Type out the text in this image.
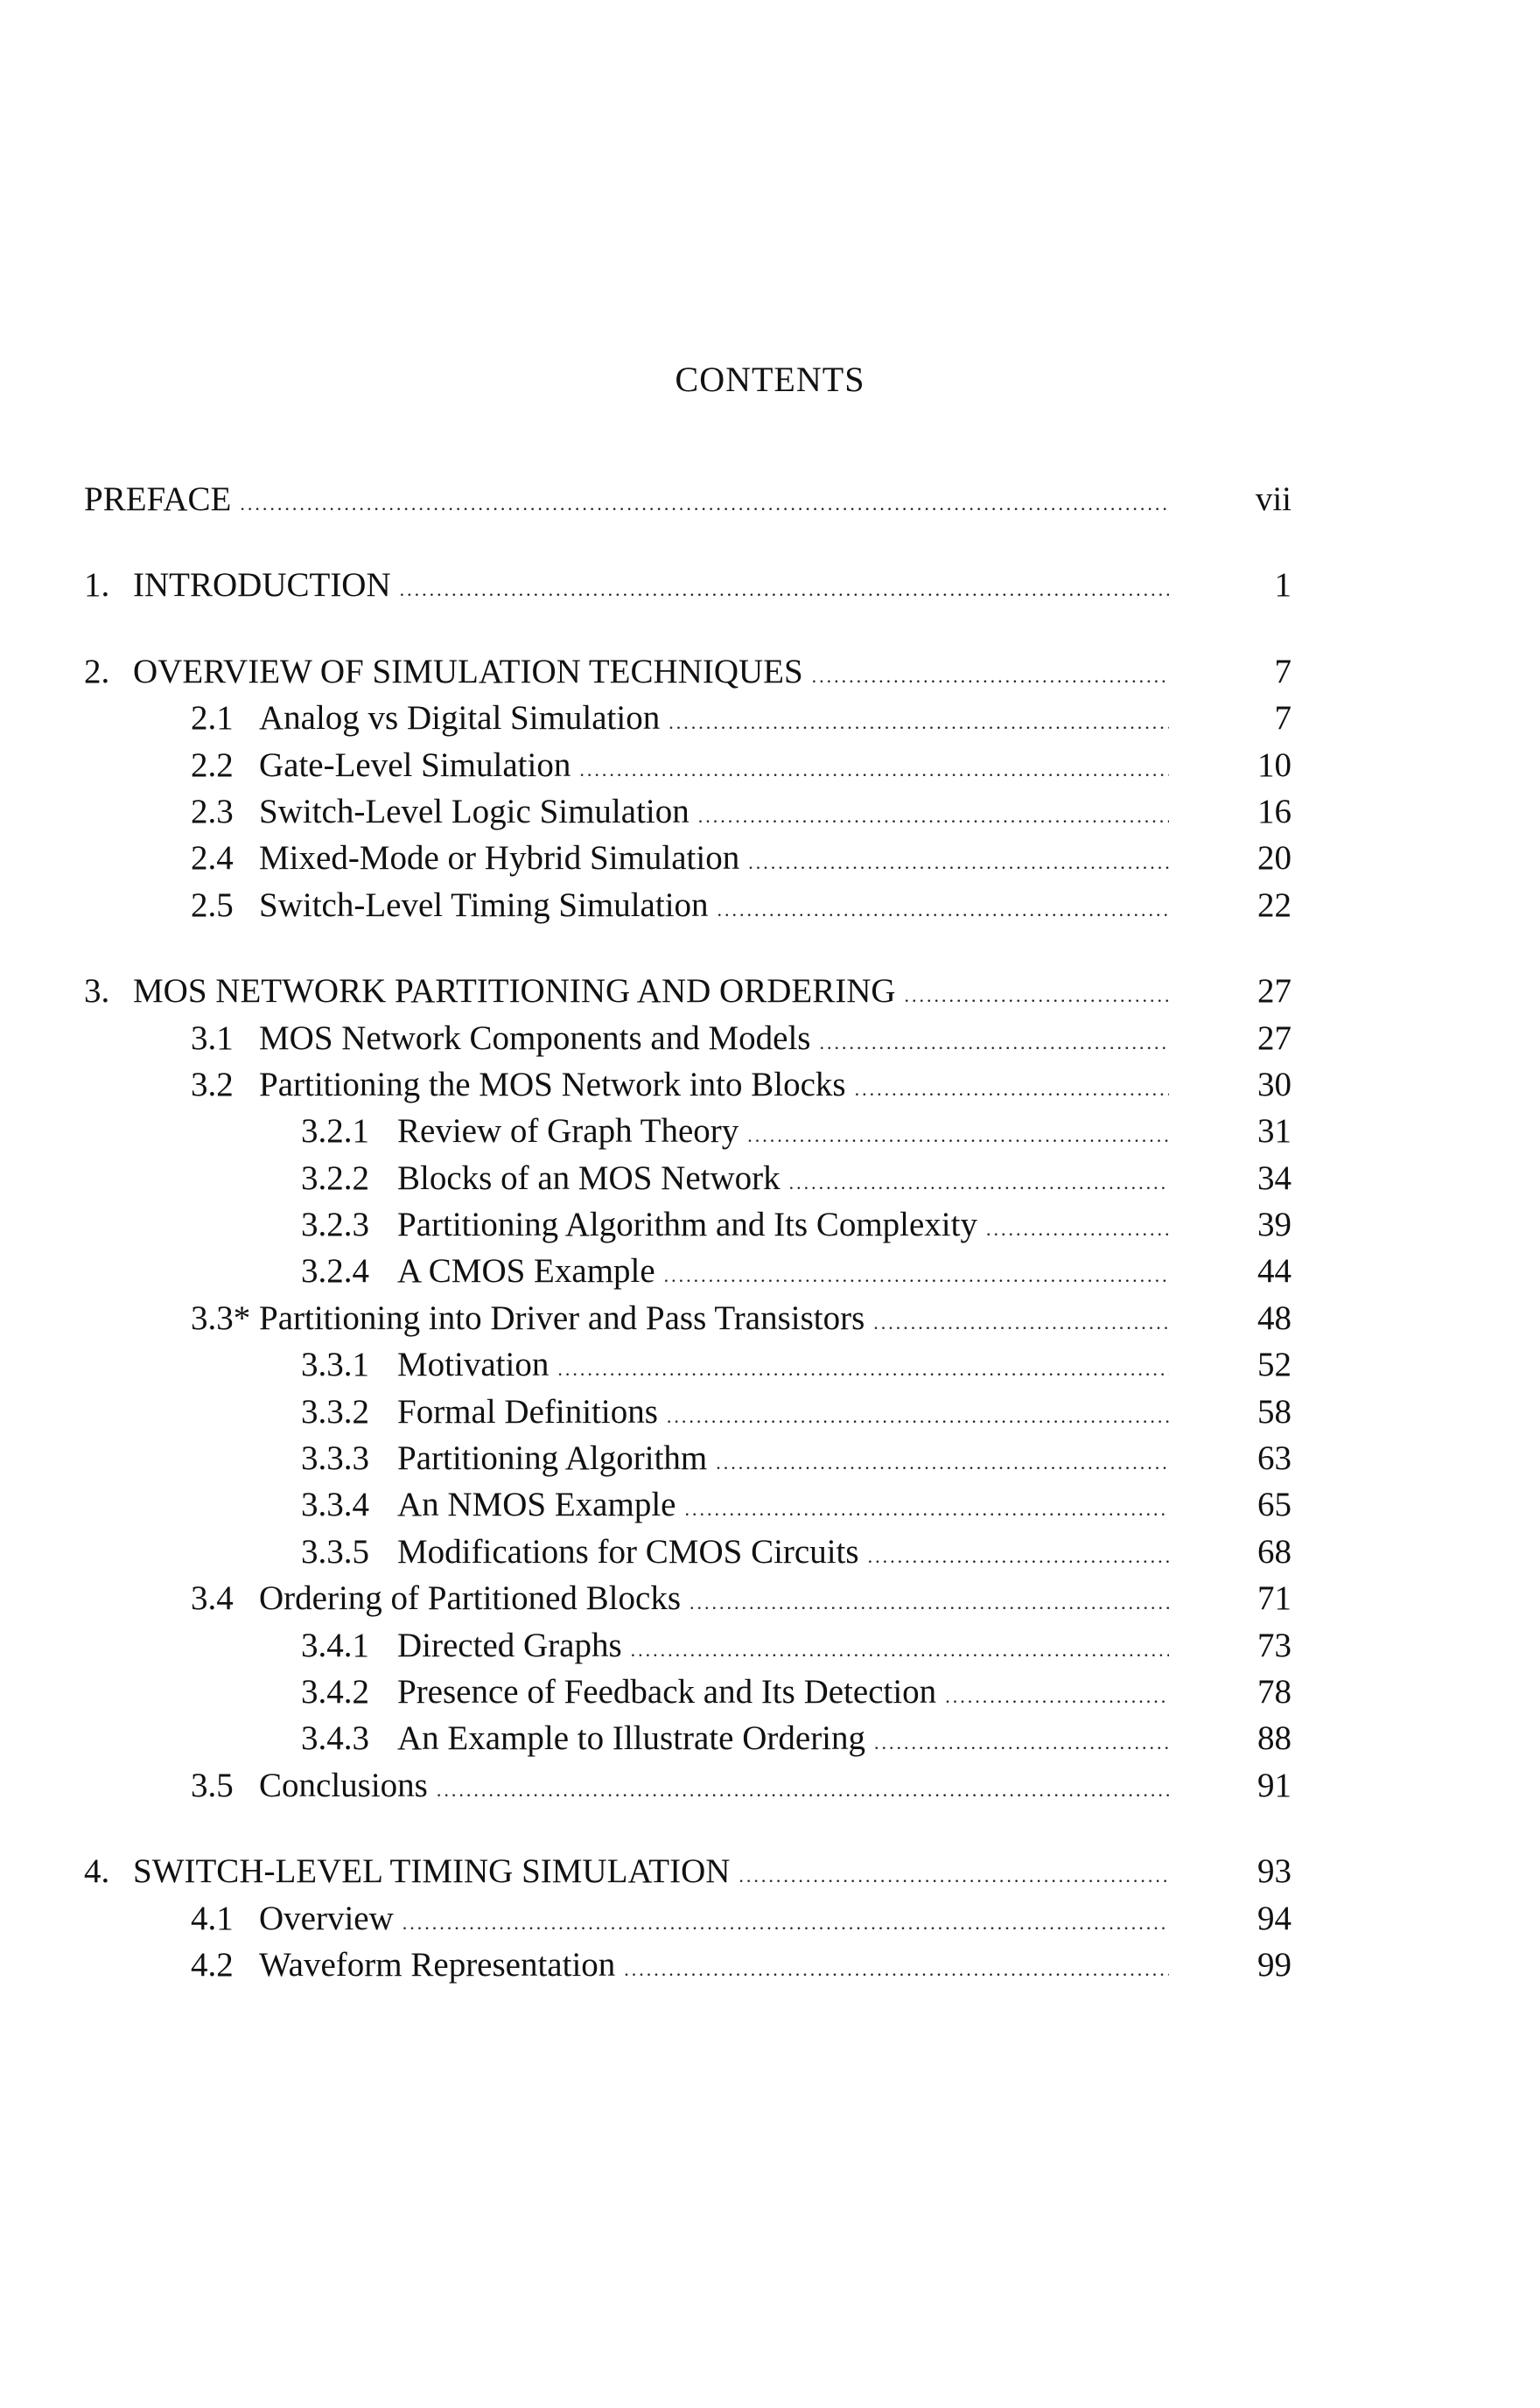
CONTENTS
PREFACE .....	vii
1. INTRODUCTION .....	1
2. OVERVIEW OF SIMULATION TECHNIQUES .....	7
2.1 Analog vs Digital Simulation .....	7
2.2 Gate-Level Simulation .....	10
2.3 Switch-Level Logic Simulation .....	16
2.4 Mixed-Mode or Hybrid Simulation .....	20
2.5 Switch-Level Timing Simulation .....	22
3. MOS NETWORK PARTITIONING AND ORDERING .....	27
3.1 MOS Network Components and Models .....	27
3.2 Partitioning the MOS Network into Blocks .....	30
3.2.1 Review of Graph Theory .....	31
3.2.2 Blocks of an MOS Network .....	34
3.2.3 Partitioning Algorithm and Its Complexity .....	39
3.2.4 A CMOS Example .....	44
3.3* Partitioning into Driver and Pass Transistors .....	48
3.3.1 Motivation .....	52
3.3.2 Formal Definitions .....	58
3.3.3 Partitioning Algorithm .....	63
3.3.4 An NMOS Example .....	65
3.3.5 Modifications for CMOS Circuits .....	68
3.4 Ordering of Partitioned Blocks .....	71
3.4.1 Directed Graphs .....	73
3.4.2 Presence of Feedback and Its Detection .....	78
3.4.3 An Example to Illustrate Ordering .....	88
3.5 Conclusions .....	91
4. SWITCH-LEVEL TIMING SIMULATION .....	93
4.1 Overview .....	94
4.2 Waveform Representation .....	99
